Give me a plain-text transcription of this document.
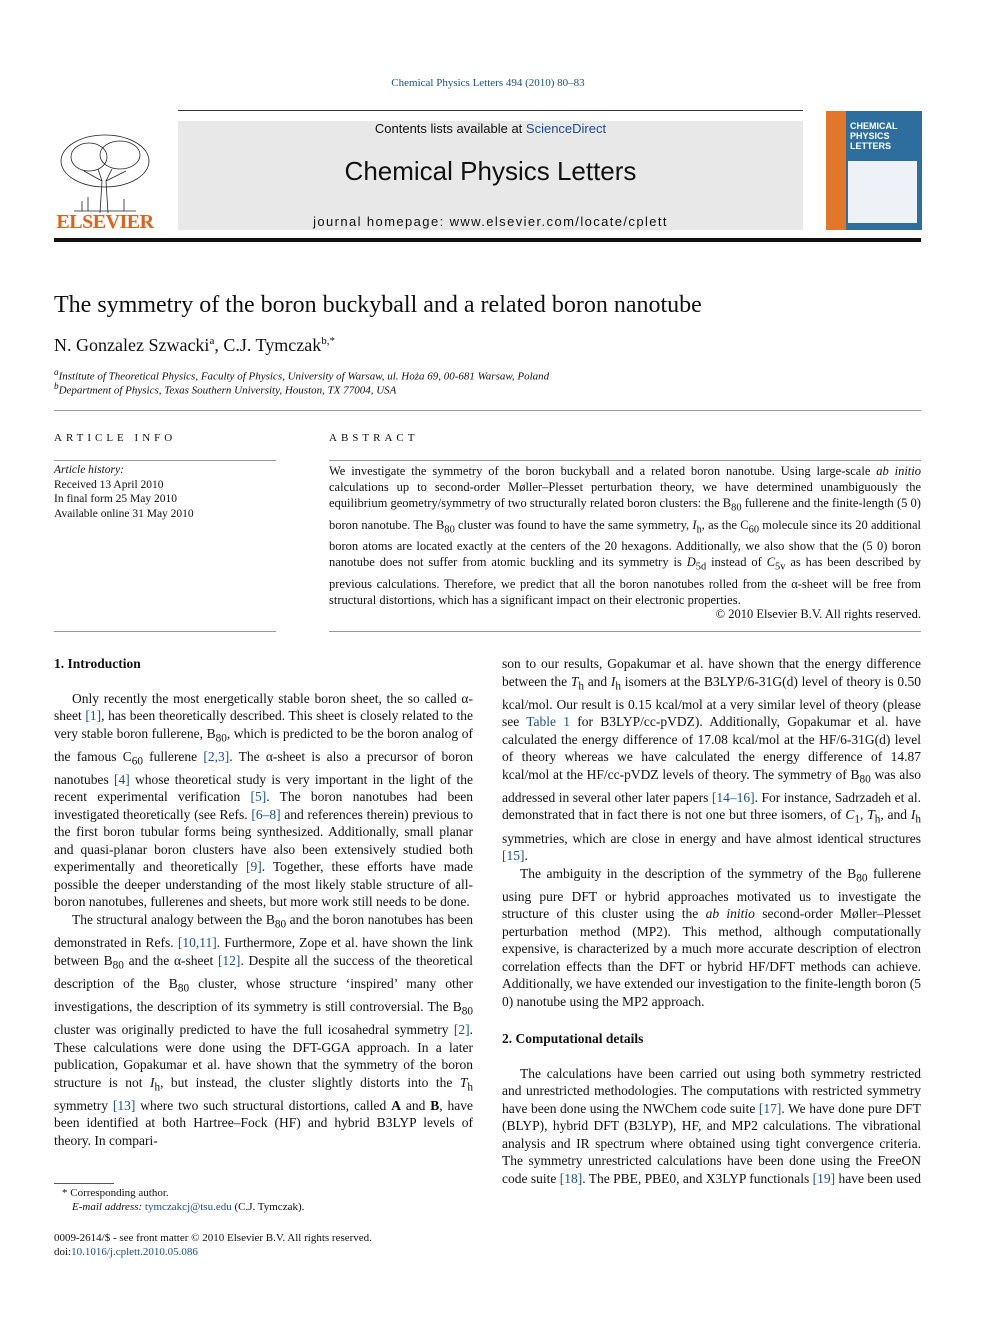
Chemical Physics Letters 494 (2010) 80–83
Contents lists available at ScienceDirect
Chemical Physics Letters
journal homepage: www.elsevier.com/locate/cplett
ELSEVIER
CHEMICAL
PHYSICS
LETTERS
The symmetry of the boron buckyball and a related boron nanotube
N. Gonzalez Szwacki$^a$, C.J. Tymczak$^{b,*}$
$^a$Institute of Theoretical Physics, Faculty of Physics, University of Warsaw, ul. Hoża 69, 00-681 Warsaw, Poland
$^b$Department of Physics, Texas Southern University, Houston, TX 77004, USA
ARTICLE INFO
Article history:
Received 13 April 2010
In final form 25 May 2010
Available online 31 May 2010
ABSTRACT
We investigate the symmetry of the boron buckyball and a related boron nanotube. Using large-scale ab initio calculations up to second-order Møller–Plesset perturbation theory, we have determined unambiguously the equilibrium geometry/symmetry of two structurally related boron clusters: the $B_{80}$ fullerene and the finite-length (5 0) boron nanotube. The $B_{80}$ cluster was found to have the same symmetry, $I_h$, as the $C_{60}$ molecule since its 20 additional boron atoms are located exactly at the centers of the 20 hexagons. Additionally, we also show that the (5 0) boron nanotube does not suffer from atomic buckling and its symmetry is $D_{5d}$ instead of $C_{5v}$ as has been described by previous calculations. Therefore, we predict that all the boron nanotubes rolled from the α-sheet will be free from structural distortions, which has a significant impact on their electronic properties.
© 2010 Elsevier B.V. All rights reserved.
1. Introduction

Only recently the most energetically stable boron sheet, the so called α-sheet [1], has been theoretically described. This sheet is closely related to the very stable boron fullerene, $B_{80}$, which is predicted to be the boron analog of the famous $C_{60}$ fullerene [2,3]. The α-sheet is also a precursor of boron nanotubes [4] whose theoretical study is very important in the light of the recent experimental verification [5]. The boron nanotubes had been investigated theoretically (see Refs. [6–8] and references therein) previous to the first boron tubular forms being synthesized. Additionally, small planar and quasi-planar boron clusters have also been extensively studied both experimentally and theoretically [9]. Together, these efforts have made possible the deeper understanding of the most likely stable structure of all-boron nanotubes, fullerenes and sheets, but more work still needs to be done.

The structural analogy between the $B_{80}$ and the boron nanotubes has been demonstrated in Refs. [10,11]. Furthermore, Zope et al. have shown the link between $B_{80}$ and the α-sheet [12]. Despite all the success of the theoretical description of the $B_{80}$ cluster, whose structure ‘inspired’ many other investigations, the description of its symmetry is still controversial. The $B_{80}$ cluster was originally predicted to have the full icosahedral symmetry [2]. These calculations were done using the DFT-GGA approach. In a later publication, Gopakumar et al. have shown that the symmetry of the boron structure is not $I_h$, but instead, the cluster slightly distorts into the $T_h$ symmetry [13] where two such structural distortions, called A and B, have been identified at both Hartree–Fock (HF) and hybrid B3LYP levels of theory. In compari-

son to our results, Gopakumar et al. have shown that the energy difference between the $T_h$ and $I_h$ isomers at the B3LYP/6-31G(d) level of theory is 0.50 kcal/mol. Our result is 0.15 kcal/mol at a very similar level of theory (please see Table 1 for B3LYP/cc-pVDZ). Additionally, Gopakumar et al. have calculated the energy difference of 17.08 kcal/mol at the HF/6-31G(d) level of theory whereas we have calculated the energy difference of 14.87 kcal/mol at the HF/cc-pVDZ levels of theory. The symmetry of $B_{80}$ was also addressed in several other later papers [14–16]. For instance, Sadrzadeh et al. demonstrated that in fact there is not one but three isomers, of $C_1$, $T_h$, and $I_h$ symmetries, which are close in energy and have almost identical structures [15].

The ambiguity in the description of the symmetry of the $B_{80}$ fullerene using pure DFT or hybrid approaches motivated us to investigate the structure of this cluster using the ab initio second-order Møller–Plesset perturbation method (MP2). This method, although computationally expensive, is characterized by a much more accurate description of electron correlation effects than the DFT or hybrid HF/DFT methods can achieve. Additionally, we have extended our investigation to the finite-length boron (5 0) nanotube using the MP2 approach.

2. Computational details

The calculations have been carried out using both symmetry restricted and unrestricted methodologies. The computations with restricted symmetry have been done using the NWChem code suite [17]. We have done pure DFT (BLYP), hybrid DFT (B3LYP), HF, and MP2 calculations. The vibrational analysis and IR spectrum where obtained using tight convergence criteria. The symmetry unrestricted calculations have been done using the FreeON code suite [18]. The PBE, PBE0, and X3LYP functionals [19] have been used

* Corresponding author.
E-mail address: tymczakcj@tsu.edu (C.J. Tymczak).
0009-2614/$ - see front matter © 2010 Elsevier B.V. All rights reserved.
doi:10.1016/j.cplett.2010.05.086
